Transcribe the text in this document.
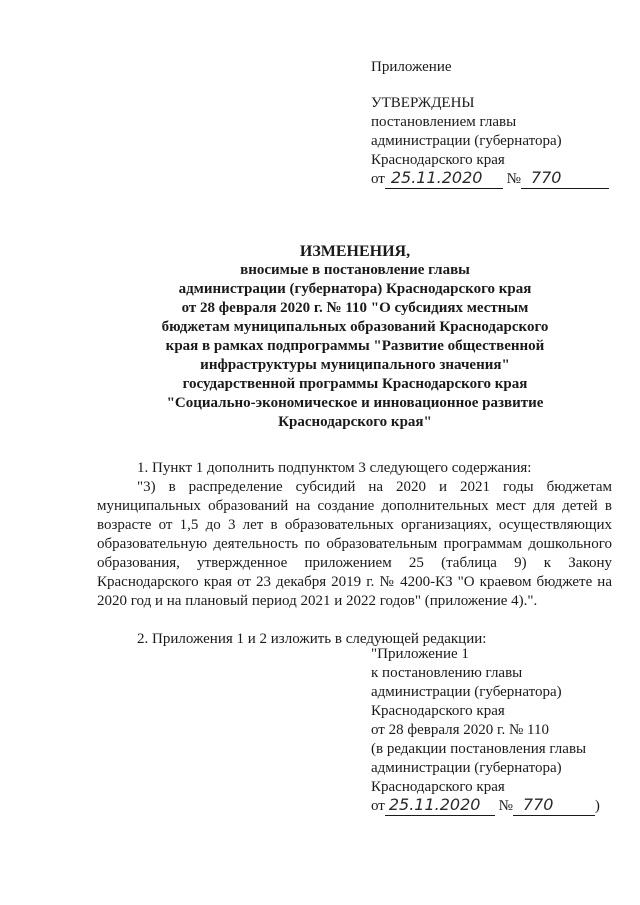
Приложение
УТВЕРЖДЕНЫ
постановлением главы
администрации (губернатора)
Краснодарского края
от 25.11.2020 № 770
ИЗМЕНЕНИЯ,
вносимые в постановление главы
администрации (губернатора) Краснодарского края
от 28 февраля 2020 г. № 110 "О субсидиях местным
бюджетам муниципальных образований Краснодарского
края в рамках подпрограммы "Развитие общественной
инфраструктуры муниципального значения"
государственной программы Краснодарского края
"Социально-экономическое и инновационное развитие
Краснодарского края"

1. Пункт 1 дополнить подпунктом 3 следующего содержания:

"3) в распределение субсидий на 2020 и 2021 годы бюджетам муниципальных образований на создание дополнительных мест для детей в возрасте от 1,5 до 3 лет в образовательных организациях, осуществляющих образовательную деятельность по образовательным программам дошкольного образования, утвержденное приложением 25 (таблица 9) к Закону Краснодарского края от 23 декабря 2019 г. № 4200-КЗ "О краевом бюджете на 2020 год и на плановый период 2021 и 2022 годов" (приложение 4).".

2. Приложения 1 и 2 изложить в следующей редакции:

"Приложение 1
к постановлению главы
администрации (губернатора)
Краснодарского края
от 28 февраля 2020 г. № 110
(в редакции постановления главы
администрации (губернатора)
Краснодарского края
от 25.11.2020 № 770	)
